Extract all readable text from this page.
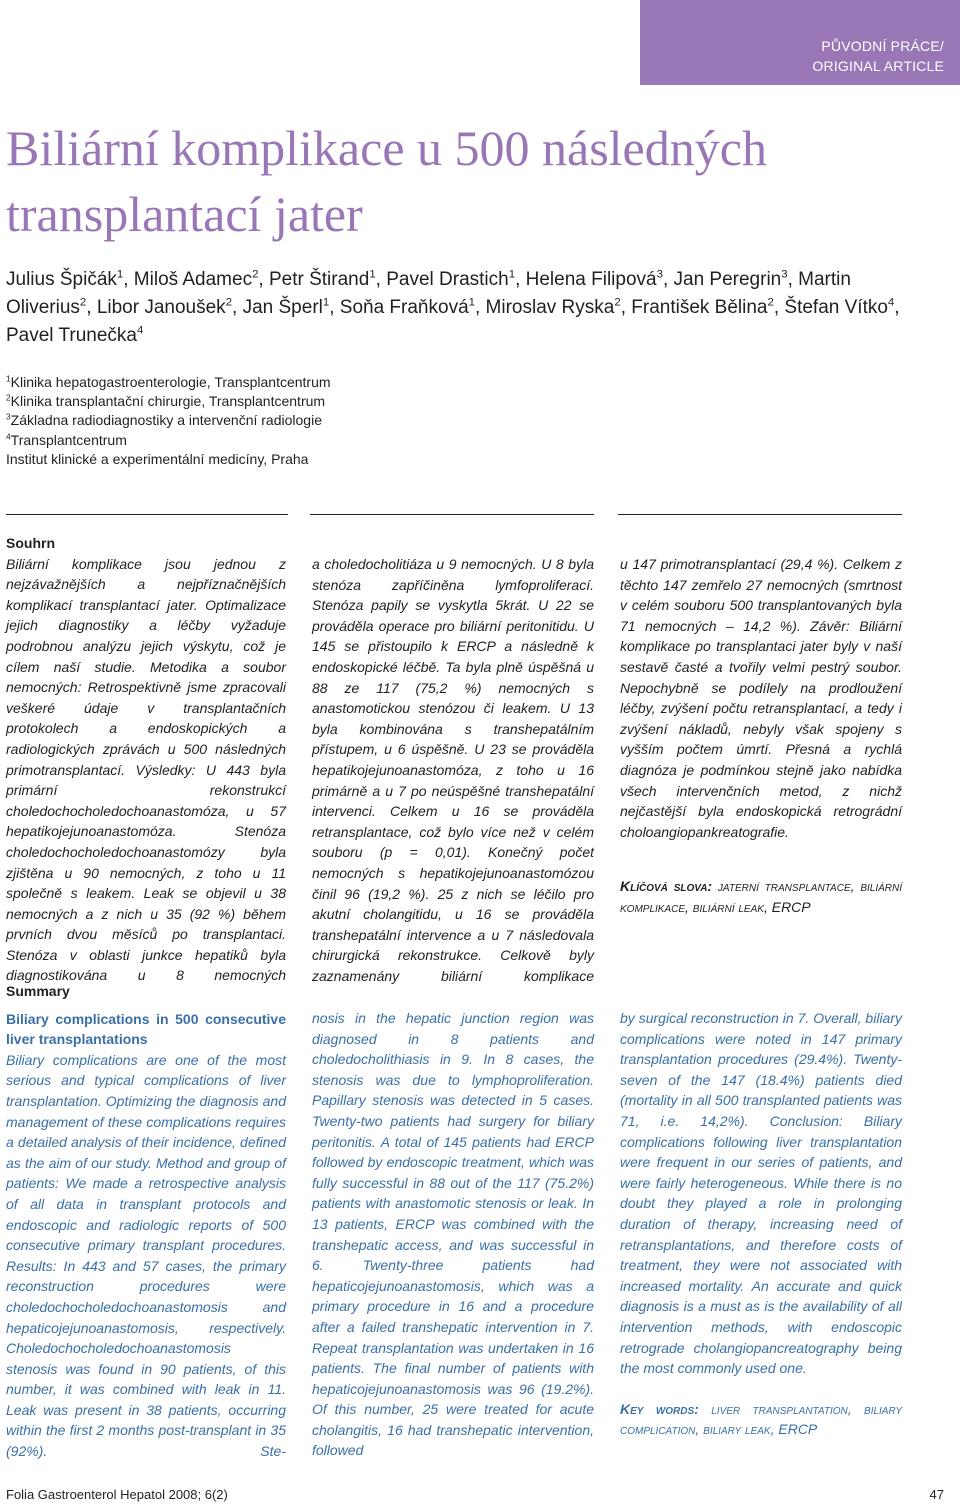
PŮVODNÍ PRÁCE/
ORIGINAL ARTICLE
Biliární komplikace u 500 následných transplantací jater

Julius Špičák$^1$, Miloš Adamec$^2$, Petr Štirand$^1$, Pavel Drastich$^1$, Helena Filipová$^3$, Jan Peregrin$^3$, Martin Oliverius$^2$, Libor Janoušek$^2$, Jan Šperl$^1$, Soňa Fraňková$^1$, Miroslav Ryska$^2$, František Bělina$^2$, Štefan Vítko$^4$, Pavel Trunečka$^4$

$^1$Klinika hepatogastroenterologie, Transplantcentrum
$^2$Klinika transplantační chirurgie, Transplantcentrum
$^3$Základna radiodiagnostiky a intervenční radiologie
$^4$Transplantcentrum
Institut klinické a experimentální medicíny, Praha

Souhrn

Biliární komplikace jsou jednou z nejzávažnějších a nejpříznačnějších komplikací transplantací jater. Optimalizace jejich diagnostiky a léčby vyžaduje podrobnou analýzu jejich výskytu, což je cílem naší studie. Metodika a soubor nemocných: Retrospektivně jsme zpracovali veškeré údaje v transplantačních protokolech a endoskopických a radiologických zprávách u 500 následných primotransplantací. Výsledky: U 443 byla primární rekonstrukcí choledochocholedochoanastomóza, u 57 hepatikojejunoanastomóza. Stenóza choledochocholedochoanastomózy byla zjištěna u 90 nemocných, z toho u 11 společně s leakem. Leak se objevil u 38 nemocných a z nich u 35 (92 %) během prvních dvou měsíců po transplantaci. Stenóza v oblasti junkce hepatiků byla diagnostikována u 8 nemocných

a choledocholitiáza u 9 nemocných. U 8 byla stenóza zapříčiněna lymfoproliferací. Stenóza papily se vyskytla 5krát. U 22 se prováděla operace pro biliární peritonitidu. U 145 se přistoupilo k ERCP a následně k endoskopické léčbě. Ta byla plně úspěšná u 88 ze 117 (75,2 %) nemocných s anastomotickou stenózou či leakem. U 13 byla kombinována s transhepatálním přístupem, u 6 úspěšně. U 23 se prováděla hepatikojejunoanastomóza, z toho u 16 primárně a u 7 po neúspěšné transhepatální intervenci. Celkem u 16 se prováděla retransplantace, což bylo více než v celém souboru (p = 0,01). Konečný počet nemocných s hepatikojejunoanastomózou činil 96 (19,2 %). 25 z nich se léčilo pro akutní cholangitidu, u 16 se prováděla transhepatální intervence a u 7 následovala chirurgická rekonstrukce. Celkově byly zaznamenány biliární komplikace

u 147 primotransplantací (29,4 %). Celkem z těchto 147 zemřelo 27 nemocných (smrtnost v celém souboru 500 transplantovaných byla 71 nemocných – 14,2 %). Závěr: Biliární komplikace po transplantaci jater byly v naší sestavě časté a tvořily velmi pestrý soubor. Nepochybně se podílely na prodloužení léčby, zvýšení počtu retransplantací, a tedy i zvýšení nákladů, nebyly však spojeny s vyšším počtem úmrtí. Přesná a rychlá diagnóza je podmínkou stejně jako nabídka všech intervenčních metod, z nichž nejčastější byla endoskopická retrográdní choloangiopankreatografie.

Klíčová slova: jaterní transplantace, biliární komplikace, biliární leak, ERCP

Summary

Biliary complications in 500 consecutive liver transplantations

Biliary complications are one of the most serious and typical complications of liver transplantation. Optimizing the diagnosis and management of these complications requires a detailed analysis of their incidence, defined as the aim of our study. Method and group of patients: We made a retrospective analysis of all data in transplant protocols and endoscopic and radiologic reports of 500 consecutive primary transplant procedures. Results: In 443 and 57 cases, the primary reconstruction procedures were choledochocholedochoanastomosis and hepaticojejunoanastomosis, respectively. Choledochocholedochoanastomosis stenosis was found in 90 patients, of this number, it was combined with leak in 11. Leak was present in 38 patients, occurring within the first 2 months post-transplant in 35 (92%). Ste-

nosis in the hepatic junction region was diagnosed in 8 patients and choledocholithiasis in 9. In 8 cases, the stenosis was due to lymphoproliferation. Papillary stenosis was detected in 5 cases. Twenty-two patients had surgery for biliary peritonitis. A total of 145 patients had ERCP followed by endoscopic treatment, which was fully successful in 88 out of the 117 (75.2%) patients with anastomotic stenosis or leak. In 13 patients, ERCP was combined with the transhepatic access, and was successful in 6. Twenty-three patients had hepaticojejunoanastomosis, which was a primary procedure in 16 and a procedure after a failed transhepatic intervention in 7. Repeat transplantation was undertaken in 16 patients. The final number of patients with hepaticojejunoanastomosis was 96 (19.2%). Of this number, 25 were treated for acute cholangitis, 16 had transhepatic intervention, followed

by surgical reconstruction in 7. Overall, biliary complications were noted in 147 primary transplantation procedures (29.4%). Twenty-seven of the 147 (18.4%) patients died (mortality in all 500 transplanted patients was 71, i.e. 14,2%). Conclusion: Biliary complications following liver transplantation were frequent in our series of patients, and were fairly heterogeneous. While there is no doubt they played a role in prolonging duration of therapy, increasing need of retransplantations, and therefore costs of treatment, they were not associated with increased mortality. An accurate and quick diagnosis is a must as is the availability of all intervention methods, with endoscopic retrograde cholangiopancreatography being the most commonly used one.

Key words: liver transplantation, biliary complication, biliary leak, ERCP

Folia Gastroenterol Hepatol 2008; 6(2)	47
